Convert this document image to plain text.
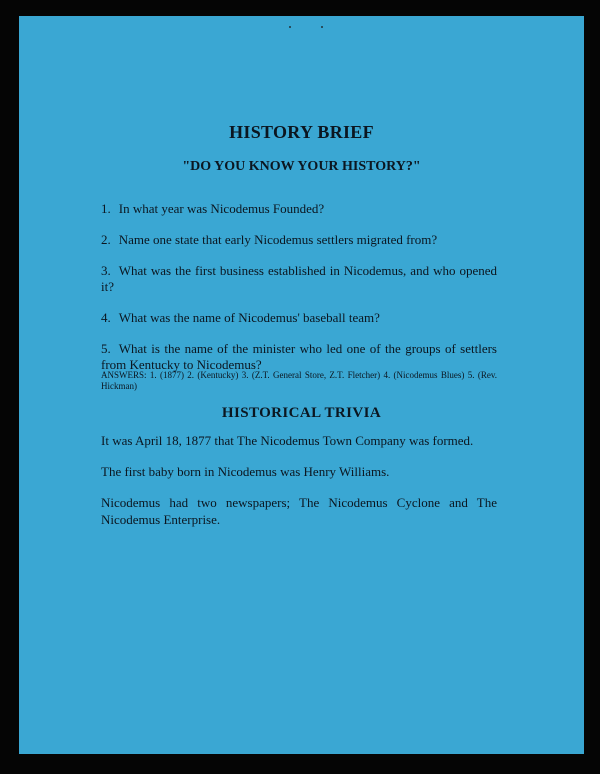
HISTORY BRIEF
"DO YOU KNOW YOUR HISTORY?"
1. In what year was Nicodemus Founded?
2. Name one state that early Nicodemus settlers migrated from?
3. What was the first business established in Nicodemus, and who opened it?
4. What was the name of Nicodemus' baseball team?
5. What is the name of the minister who led one of the groups of settlers from Kentucky to Nicodemus?
ANSWERS: 1. (1877) 2. (Kentucky) 3. (Z.T. General Store, Z.T. Fletcher) 4. (Nicodemus Blues) 5. (Rev. Hickman)
HISTORICAL TRIVIA

It was April 18, 1877 that The Nicodemus Town Company was formed.

The first baby born in Nicodemus was Henry Williams.

Nicodemus had two newspapers; The Nicodemus Cyclone and The Nicodemus Enterprise.
